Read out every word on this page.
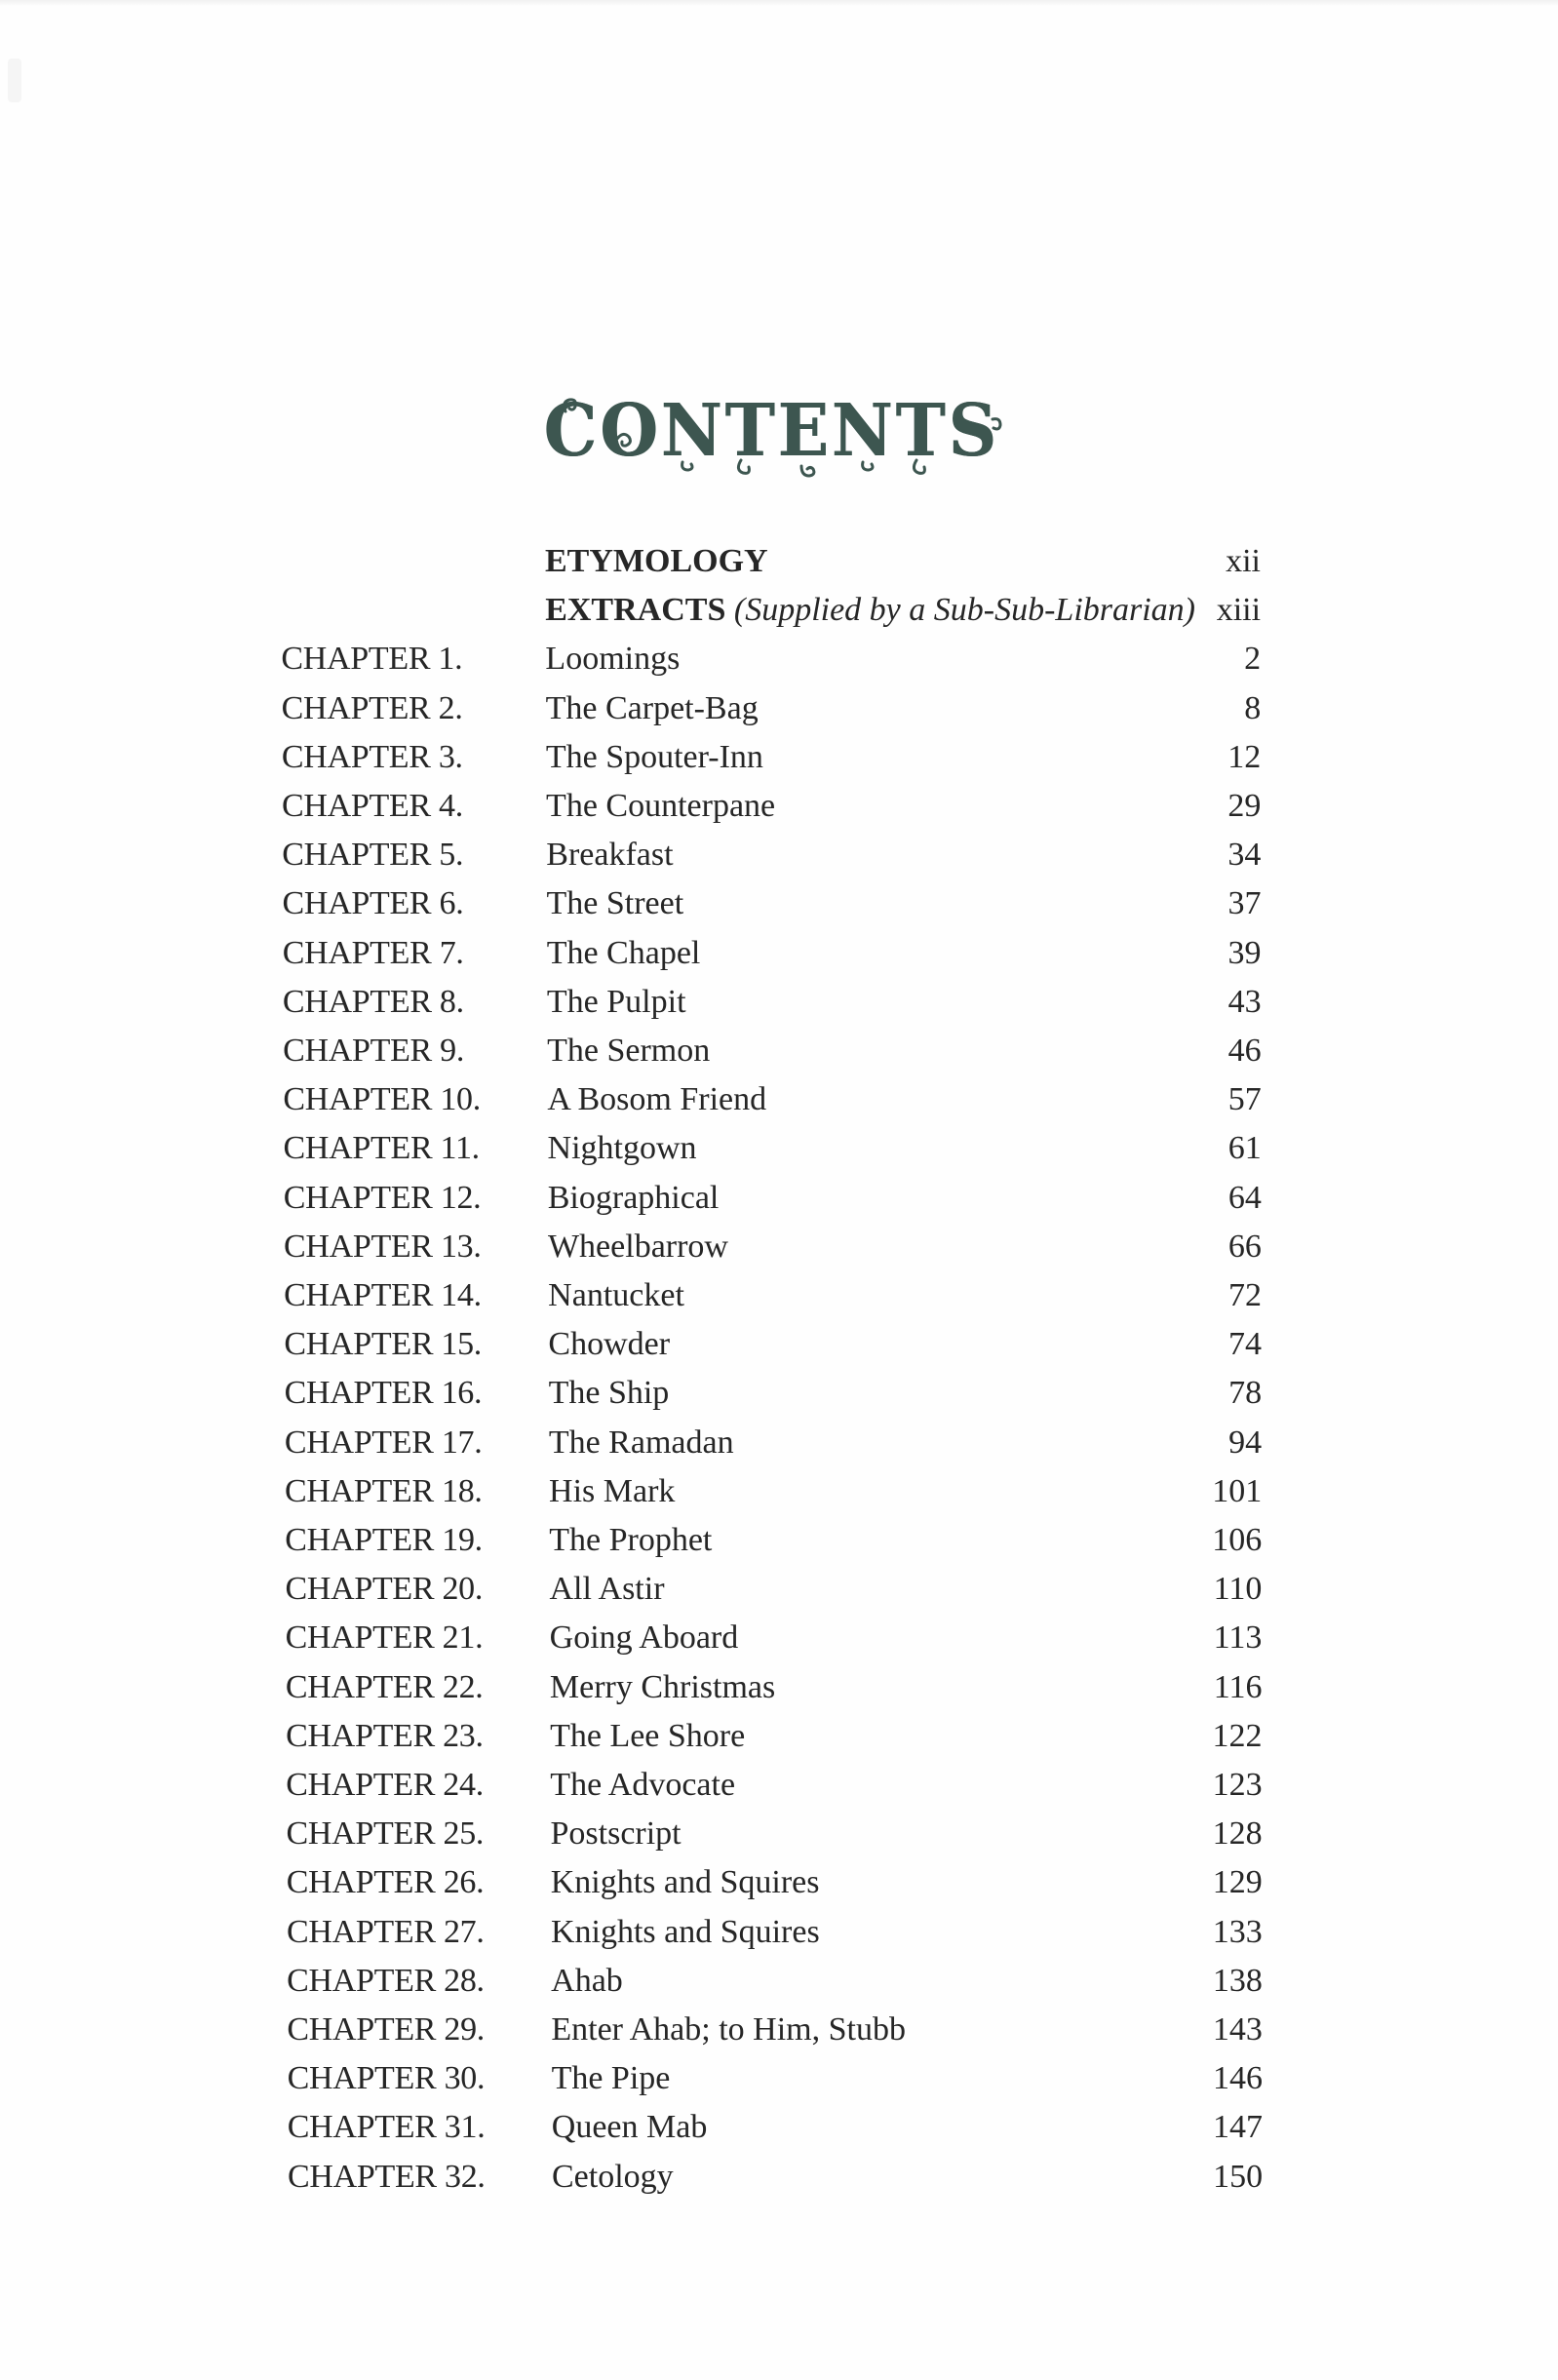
CONTENTS
ETYMOLOGY	xii
EXTRACTS (Supplied by a Sub-Sub-Librarian) xiii
CHAPTER 1.	Loomings	2
CHAPTER 2.	The Carpet-Bag	8
CHAPTER 3.	The Spouter-Inn	12
CHAPTER 4.	The Counterpane	29
CHAPTER 5.	Breakfast	34
CHAPTER 6.	The Street	37
CHAPTER 7.	The Chapel	39
CHAPTER 8.	The Pulpit	43
CHAPTER 9.	The Sermon	46
CHAPTER 10. A Bosom Friend	57
CHAPTER 11. Nightgown	61
CHAPTER 12. Biographical	64
CHAPTER 13. Wheelbarrow	66
CHAPTER 14. Nantucket	72
CHAPTER 15. Chowder	74
CHAPTER 16. The Ship	78
CHAPTER 17. The Ramadan	94
CHAPTER 18. His Mark	101
CHAPTER 19. The Prophet	106
CHAPTER 20. All Astir	110
CHAPTER 21. Going Aboard	113
CHAPTER 22. Merry Christmas	116
CHAPTER 23. The Lee Shore	122
CHAPTER 24. The Advocate	123
CHAPTER 25. Postscript	128
CHAPTER 26. Knights and Squires	129
CHAPTER 27. Knights and Squires	133
CHAPTER 28. Ahab	138
CHAPTER 29. Enter Ahab; to Him, Stubb	143
CHAPTER 30. The Pipe	146
CHAPTER 31. Queen Mab	147
CHAPTER 32. Cetology	150
